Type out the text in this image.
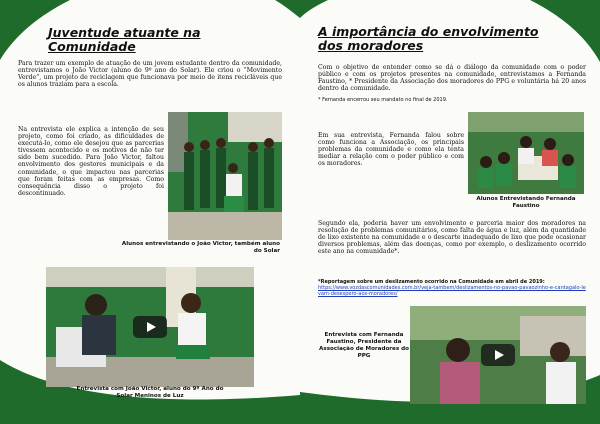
Juventude atuante na Comunidade

Para trazer um exemplo de atuação de um jovem estudante dentro da comunidade, entrevistamos o João Victor (aluno do 9º ano do Solar). Ele criou o “Movimento Verde”, um projeto de reciclagem que funcionava por meio de itens recicláveis que os alunos traziam para a escola.

Na entrevista ele explica a intenção de seu projeto, como foi criado, as dificuldades de executá-lo, como ele desejou que as parcerias tivessem acontecido e os motivos de não ter sido bem sucedido. Para João Victor, faltou envolvimento dos gestores municipais e da comunidade, o que impactou nas parcerias que foram feitas com as empresas. Como consequência disso o projeto foi descontinuado.

Alunos entrevistando o João Victor, também aluno do Solar
Entrevista com João Victor, aluno do 9º Ano do Solar Meninos de Luz
A importância do envolvimento
dos moradores

Com o objetivo de entender como se dá o diálogo da comunidade com o poder público e com os projetos presentes na comunidade, entrevistamos a Fernanda Faustino, * Presidente da Associação dos moradores do PPG e voluntária há 20 anos dentro da comunidade.

* Fernanda encerrou seu mandato no final de 2019.

Em sua entrevista, Fernanda falou sobre como funciona a Associação, os principais problemas da comunidade e como ela tenta mediar a relação com o poder público e com os moradores.

Alunos Entrevistando Fernanda Faustino

Segundo ela, poderia haver um envolvimento e parceria maior dos moradores na resolução de problemas comunitários, como falta de água e luz, além da quantidade de lixo existente na comunidade e o descarte inadequado de lixo que pode ocasionar diversos problemas, além das doenças, como por exemplo, o deslizamento ocorrido este ano na comunidade*.

*Reportagem sobre um deslizamento ocorrido na Comunidade em abril de 2019:
https://www.vozdascomunidades.com.br/veja-tambem/deslizamentos-no-pavao-pavaozinho-e-cantagalo-levam-desespero-aos-moradores/
Entrevista com Fernanda Faustino, Presidente da Associação de Moradores do PPG
